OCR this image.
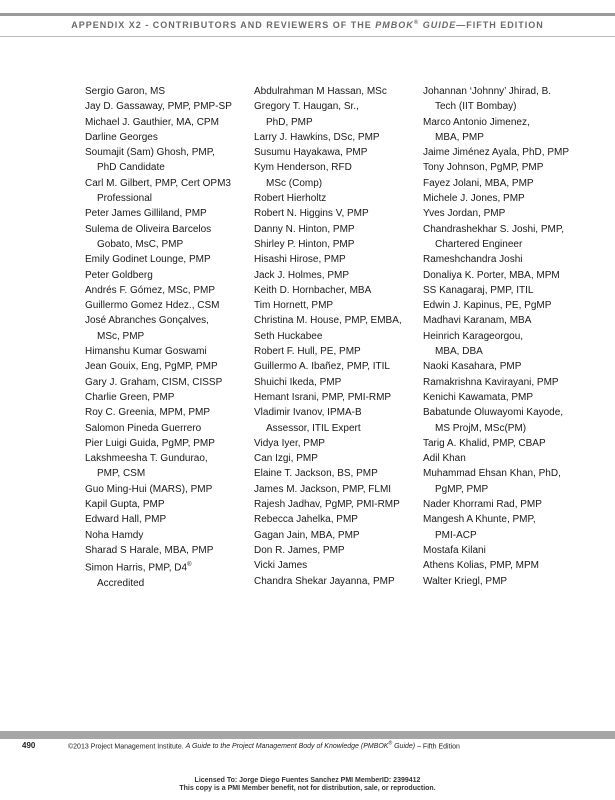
APPENDIX X2 - CONTRIBUTORS AND REVIEWERS OF THE PMBOK® GUIDE—FIFTH EDITION
Sergio Garon, MS
Jay D. Gassaway, PMP, PMP-SP
Michael J. Gauthier, MA, CPM
Darline Georges
Soumajit (Sam) Ghosh, PMP,
PhD Candidate
Carl M. Gilbert, PMP, Cert OPM3
Professional
Peter James Gilliland, PMP
Sulema de Oliveira Barcelos
Gobato, MsC, PMP
Emily Godinet Lounge, PMP
Peter Goldberg
Andrés F. Gómez, MSc, PMP
Guillermo Gomez Hdez., CSM
José Abranches Gonçalves,
MSc, PMP
Himanshu Kumar Goswami
Jean Gouix, Eng, PgMP, PMP
Gary J. Graham, CISM, CISSP
Charlie Green, PMP
Roy C. Greenia, MPM, PMP
Salomon Pineda Guerrero
Pier Luigi Guida, PgMP, PMP
Lakshmeesha T. Gundurao,
PMP, CSM
Guo Ming-Hui (MARS), PMP
Kapil Gupta, PMP
Edward Hall, PMP
Noha Hamdy
Sharad S Harale, MBA, PMP
Simon Harris, PMP, D4®
Accredited
Abdulrahman M Hassan, MSc
Gregory T. Haugan, Sr.,
PhD, PMP
Larry J. Hawkins, DSc, PMP
Susumu Hayakawa, PMP
Kym Henderson, RFD
MSc (Comp)
Robert Hierholtz
Robert N. Higgins V, PMP
Danny N. Hinton, PMP
Shirley P. Hinton, PMP
Hisashi Hirose, PMP
Jack J. Holmes, PMP
Keith D. Hornbacher, MBA
Tim Hornett, PMP
Christina M. House, PMP, EMBA,
Seth Huckabee
Robert F. Hull, PE, PMP
Guillermo A. Ibañez, PMP, ITIL
Shuichi Ikeda, PMP
Hemant Israni, PMP, PMI-RMP
Vladimir Ivanov, IPMA-B
Assessor, ITIL Expert
Vidya Iyer, PMP
Can Izgi, PMP
Elaine T. Jackson, BS, PMP
James M. Jackson, PMP, FLMI
Rajesh Jadhav, PgMP, PMI-RMP
Rebecca Jahelka, PMP
Gagan Jain, MBA, PMP
Don R. James, PMP
Vicki James
Chandra Shekar Jayanna, PMP
Johannan ‘Johnny’ Jhirad, B.
Tech (IIT Bombay)
Marco Antonio Jimenez,
MBA, PMP
Jaime Jiménez Ayala, PhD, PMP
Tony Johnson, PgMP, PMP
Fayez Jolani, MBA, PMP
Michele J. Jones, PMP
Yves Jordan, PMP
Chandrashekhar S. Joshi, PMP,
Chartered Engineer
Rameshchandra Joshi
Donaliya K. Porter, MBA, MPM
SS Kanagaraj, PMP, ITIL
Edwin J. Kapinus, PE, PgMP
Madhavi Karanam, MBA
Heinrich Karageorgou,
MBA, DBA
Naoki Kasahara, PMP
Ramakrishna Kavirayani, PMP
Kenichi Kawamata, PMP
Babatunde Oluwayomi Kayode,
MS ProjM, MSc(PM)
Tarig A. Khalid, PMP, CBAP
Adil Khan
Muhammad Ehsan Khan, PhD,
PgMP, PMP
Nader Khorrami Rad, PMP
Mangesh A Khunte, PMP,
PMI-ACP
Mostafa Kilani
Athens Kolias, PMP, MPM
Walter Kriegl, PMP
490	©2013 Project Management Institute. A Guide to the Project Management Body of Knowledge (PMBOK® Guide) – Fifth Edition
Licensed To: Jorge Diego Fuentes Sanchez PMI MemberID: 2399412
This copy is a PMI Member benefit, not for distribution, sale, or reproduction.
